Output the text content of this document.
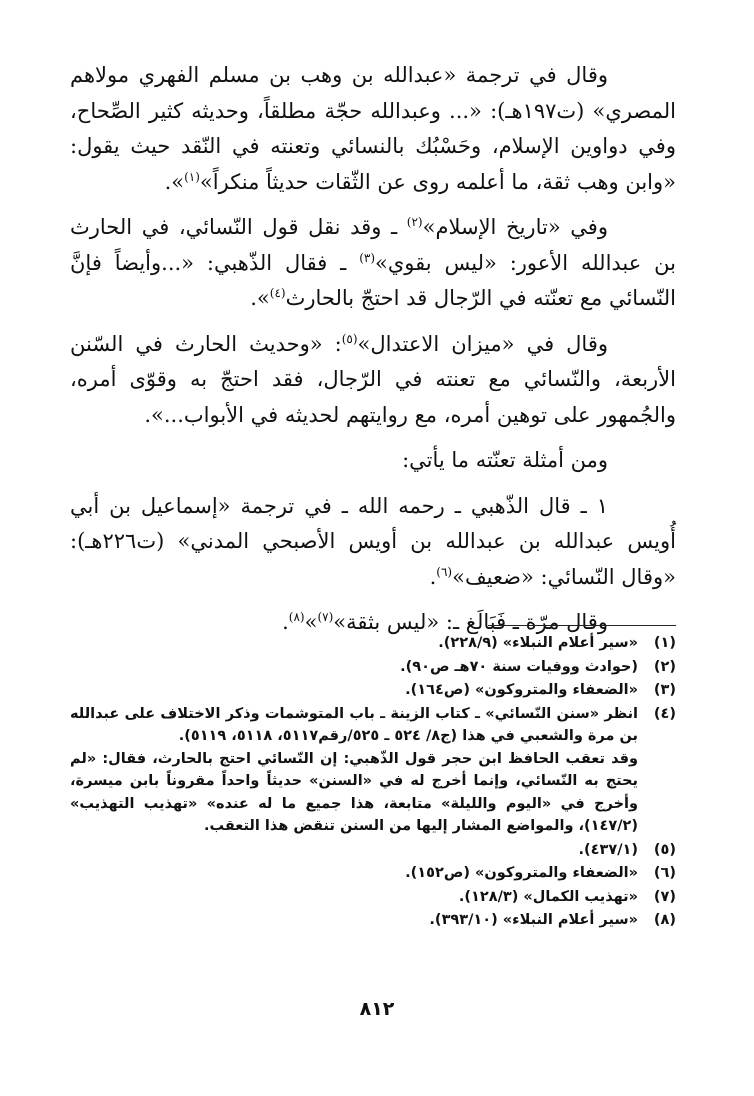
وقال في ترجمة «عبدالله بن وهب بن مسلم الفهري مولاهم المصري» (ت١٩٧هـ): «... وعبدالله حجّة مطلقاً، وحديثه كثير الصِّحاح، وفي دواوين الإسلام، وحَسْبُك بالنسائي وتعنته في النّقد حيث يقول: «وابن وهب ثقة، ما أعلمه روى عن الثّقات حديثاً منكراً»$^{(١)}$».

وفي «تاريخ الإسلام»$^{(٢)}$ ـ وقد نقل قول النّسائي، في الحارث بن عبدالله الأعور: «ليس بقوي»$^{(٣)}$ ـ فقال الذّهبي: «...وأيضاً فإنَّ النّسائي مع تعنّته في الرّجال قد احتجّ بالحارث$^{(٤)}$».

وقال في «ميزان الاعتدال»$^{(٥)}$: «وحديث الحارث في السّنن الأربعة، والنّسائي مع تعنته في الرّجال، فقد احتجّ به وقوّى أمره، والجُمهور على توهين أمره، مع روايتهم لحديثه في الأبواب...».

ومن أمثلة تعنّته ما يأتي:

١ ـ قال الذّهبي ـ رحمه الله ـ في ترجمة «إسماعيل بن أبي أُويس عبدالله بن عبدالله بن أويس الأصبحي المدني» (ت٢٢٦هـ): «وقال النّسائي: «ضعيف»$^{(٦)}$.

وقال مرّة ـ فَبَالَغ ـ: «ليس بثقة»$^{(٧)}$»$^{(٨)}$.

(١)
«سير أعلام النبلاء» (٢٢٨/٩).
(٢)
(حوادث ووفيات سنة ٧٠هـ ص٩٠).
(٣)
«الضعفاء والمتروكون» (ص١٦٤).
(٤)
انظر «سنن النّسائي» ـ كتاب الزينة ـ باب المتوشمات وذكر الاختلاف على عبدالله بن مرة والشعبي في هذا (ج٨/ ٥٢٤ ـ ٥٢٥/رقم٥١١٧، ٥١١٨، ٥١١٩).
وقد تعقب الحافظ ابن حجر قول الذّهبي: إن النّسائي احتج بالحارث، فقال: «لم يحتج به النّسائي، وإنما أخرج له في «السنن» حديثاً واحداً مقروناً بابن ميسرة، وأخرج في «اليوم والليلة» متابعة، هذا جميع ما له عنده» «تهذيب التهذيب» (١٤٧/٢)، والمواضع المشار إليها من السنن تنقض هذا التعقب.
(٥)
(٤٣٧/١).
(٦)
«الضعفاء والمتروكون» (ص١٥٢).
(٧)
«تهذيب الكمال» (١٢٨/٣).
(٨)
«سير أعلام النبلاء» (٣٩٣/١٠).
٨١٢
